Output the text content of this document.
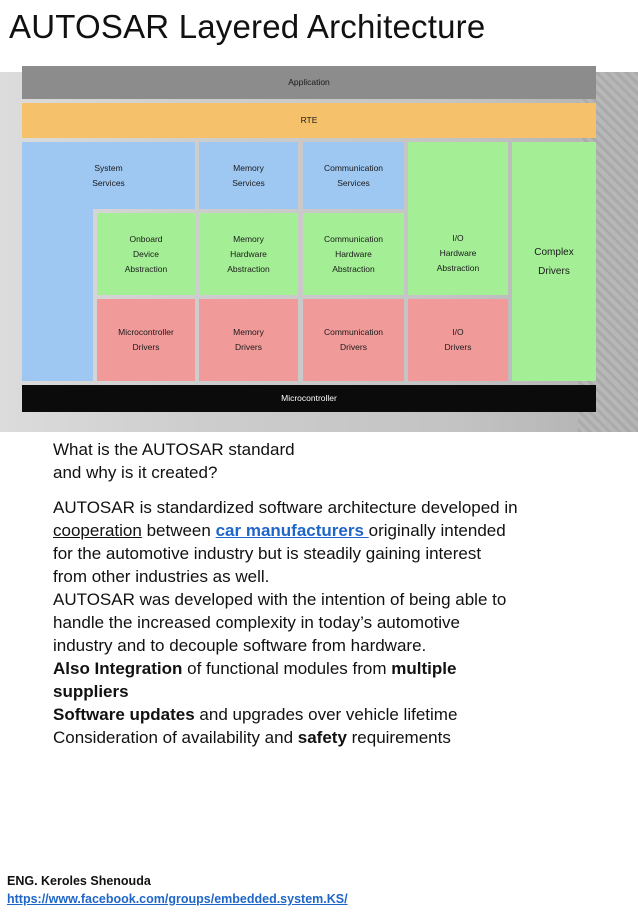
AUTOSAR Layered Architecture
Application
RTE
System
Services
Memory
Services
Communication
Services
Onboard
Device
Abstraction
Memory
Hardware
Abstraction
Communication
Hardware
Abstraction
I/O
Hardware
Abstraction
Complex
Drivers
Microcontroller
Drivers
Memory
Drivers
Communication
Drivers
I/O
Drivers
Microcontroller

What is the AUTOSAR standard
and why is it created?

AUTOSAR is standardized software architecture developed in
cooperation between car manufacturers originally intended
for the automotive industry but is steadily gaining interest
from other industries as well.
AUTOSAR was developed with the intention of being able to
handle the increased complexity in today’s automotive
industry and to decouple software from hardware.
Also Integration of functional modules from multiple
suppliers
Software updates and upgrades over vehicle lifetime
Consideration of availability and safety requirements

ENG. Keroles Shenouda
https://www.facebook.com/groups/embedded.system.KS/
